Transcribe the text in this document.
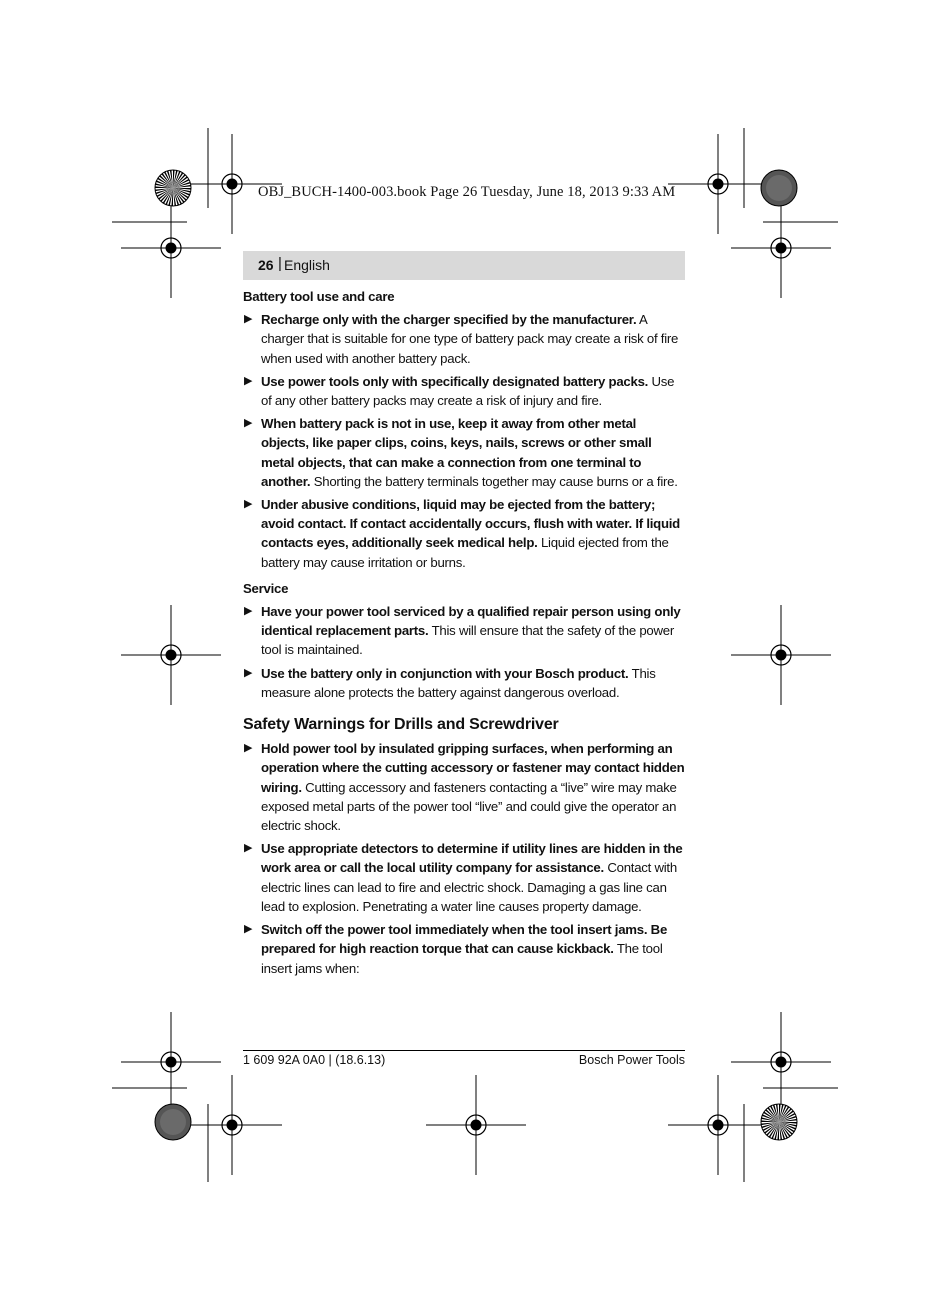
OBJ_BUCH-1400-003.book Page 26 Tuesday, June 18, 2013 9:33 AM
26 | English
Battery tool use and care
▶ Recharge only with the charger specified by the manufacturer. A charger that is suitable for one type of battery pack may create a risk of fire when used with another battery pack.
▶ Use power tools only with specifically designated battery packs. Use of any other battery packs may create a risk of injury and fire.
▶ When battery pack is not in use, keep it away from other metal objects, like paper clips, coins, keys, nails, screws or other small metal objects, that can make a connection from one terminal to another. Shorting the battery terminals together may cause burns or a fire.
▶ Under abusive conditions, liquid may be ejected from the battery; avoid contact. If contact accidentally occurs, flush with water. If liquid contacts eyes, additionally seek medical help. Liquid ejected from the battery may cause irritation or burns.
Service
▶ Have your power tool serviced by a qualified repair person using only identical replacement parts. This will ensure that the safety of the power tool is maintained.
▶ Use the battery only in conjunction with your Bosch product. This measure alone protects the battery against dangerous overload.
Safety Warnings for Drills and Screwdriver
▶ Hold power tool by insulated gripping surfaces, when performing an operation where the cutting accessory or fastener may contact hidden wiring. Cutting accessory and fasteners contacting a “live” wire may make exposed metal parts of the power tool “live” and could give the operator an electric shock.
▶ Use appropriate detectors to determine if utility lines are hidden in the work area or call the local utility company for assistance. Contact with electric lines can lead to fire and electric shock. Damaging a gas line can lead to explosion. Penetrating a water line causes property damage.
▶ Switch off the power tool immediately when the tool insert jams. Be prepared for high reaction torque that can cause kickback. The tool insert jams when:
1 609 92A 0A0 | (18.6.13)	Bosch Power Tools
